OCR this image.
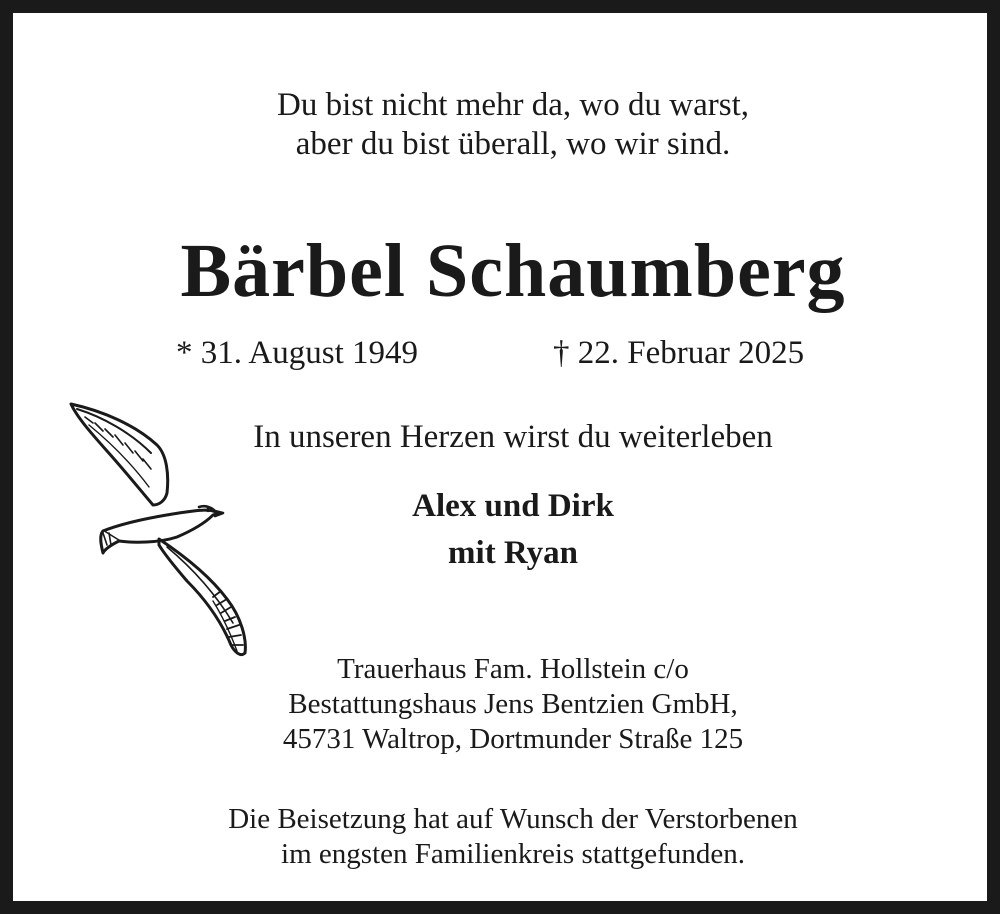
Du bist nicht mehr da, wo du warst,
aber du bist überall, wo wir sind.
Bärbel Schaumberg
* 31. August 1949	† 22. Februar 2025
In unseren Herzen wirst du weiterleben
Alex und Dirk
mit Ryan
Trauerhaus Fam. Hollstein c/o
Bestattungshaus Jens Bentzien GmbH,
45731 Waltrop, Dortmunder Straße 125
Die Beisetzung hat auf Wunsch der Verstorbenen
im engsten Familienkreis stattgefunden.
